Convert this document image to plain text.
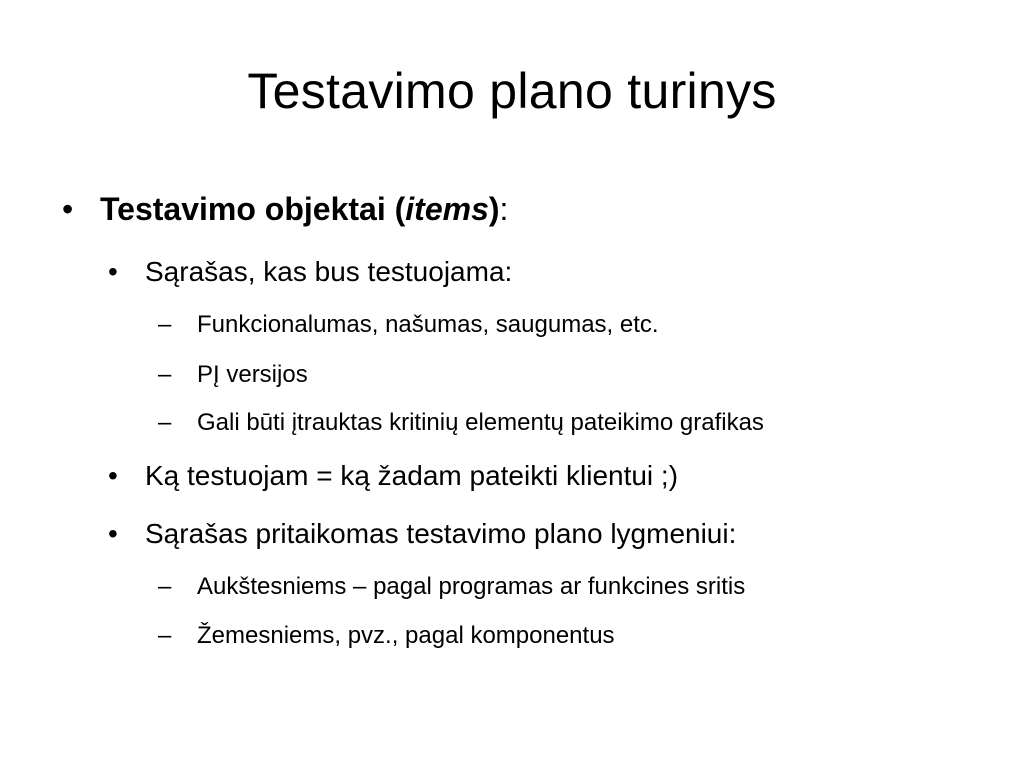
Testavimo plano turinys
• Testavimo objektai ( items ) :
• Sąrašas, kas bus testuojama:
–	Funkcionalumas, našumas, saugumas, etc.
–	PĮ versijos
–	Gali būti įtrauktas kritinių elementų pateikimo grafikas
• Ką testuojam = ką žadam pateikti klientui ;)
• Sąrašas pritaikomas testavimo plano lygmeniui:
–	Aukštesniems – pagal programas ar funkcines sritis
–	Žemesniems, pvz., pagal komponentus
